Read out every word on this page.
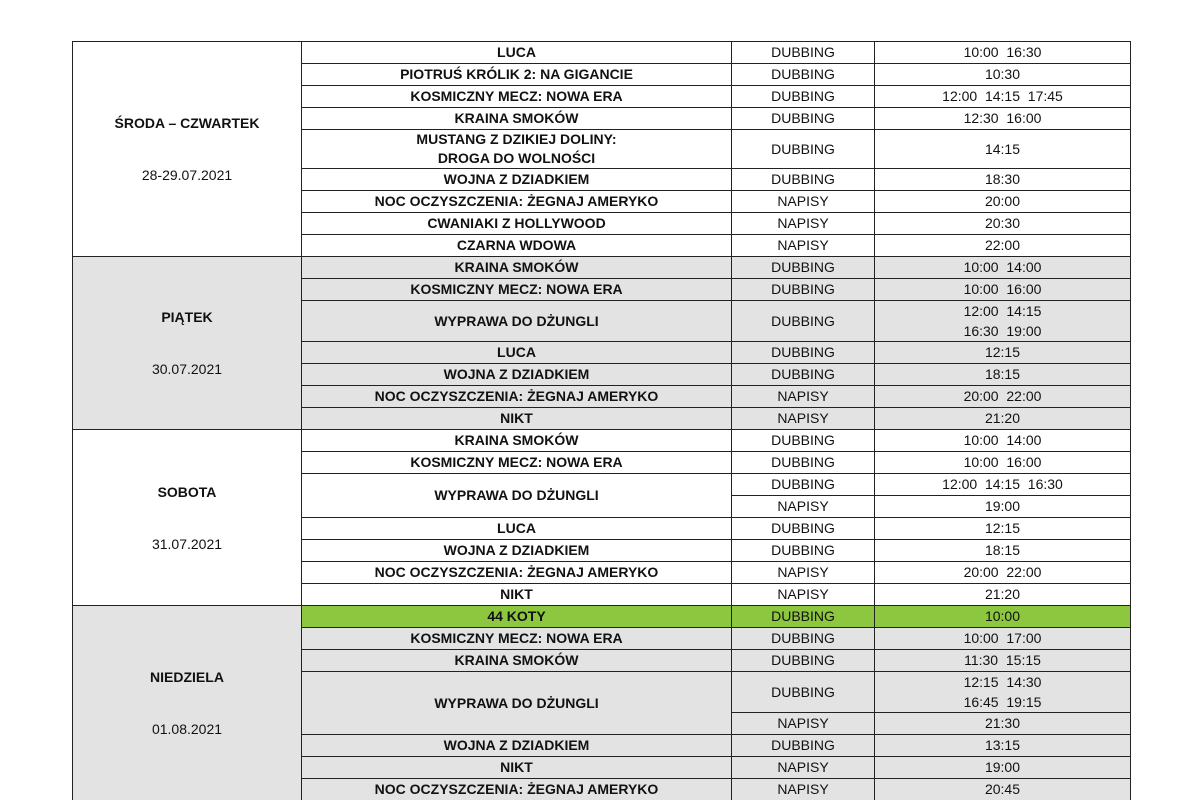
ŚRODA – CZWARTEK
28-29.07.2021	LUCA	DUBBING	10:00  16:30
	PIOTRUŚ KRÓLIK 2: NA GIGANCIE	DUBBING	10:30
	KOSMICZNY MECZ: NOWA ERA	DUBBING	12:00  14:15  17:45
	KRAINA SMOKÓW	DUBBING	12:30  16:00
	MUSTANG Z DZIKIEJ DOLINY: DROGA DO WOLNOŚCI	DUBBING	14:15
	WOJNA Z DZIADKIEM	DUBBING	18:30
	NOC OCZYSZCZENIA: ŻEGNAJ AMERYKO	NAPISY	20:00
	CWANIAKI Z HOLLYWOOD	NAPISY	20:30
	CZARNA WDOWA	NAPISY	22:00

PIĄTEK
30.07.2021	KRAINA SMOKÓW	DUBBING	10:00  14:00
	KOSMICZNY MECZ: NOWA ERA	DUBBING	10:00  16:00
	WYPRAWA DO DŻUNGLI	DUBBING	12:00  14:15
16:30  19:00
	LUCA	DUBBING	12:15
	WOJNA Z DZIADKIEM	DUBBING	18:15
	NOC OCZYSZCZENIA: ŻEGNAJ AMERYKO	NAPISY	20:00  22:00
	NIKT	NAPISY	21:20

SOBOTA
31.07.2021	KRAINA SMOKÓW	DUBBING	10:00  14:00
	KOSMICZNY MECZ: NOWA ERA	DUBBING	10:00  16:00
	WYPRAWA DO DŻUNGLI	DUBBING	12:00  14:15  16:30
		NAPISY	19:00
	LUCA	DUBBING	12:15
	WOJNA Z DZIADKIEM	DUBBING	18:15
	NOC OCZYSZCZENIA: ŻEGNAJ AMERYKO	NAPISY	20:00  22:00
	NIKT	NAPISY	21:20

NIEDZIELA
01.08.2021	44 KOTY	DUBBING	10:00
	KOSMICZNY MECZ: NOWA ERA	DUBBING	10:00  17:00
	KRAINA SMOKÓW	DUBBING	11:30  15:15
	WYPRAWA DO DŻUNGLI	DUBBING	12:15  14:30
16:45  19:15
		NAPISY	21:30
	WOJNA Z DZIADKIEM	DUBBING	13:15
	NIKT	NAPISY	19:00
	NOC OCZYSZCZENIA: ŻEGNAJ AMERYKO	NAPISY	20:45
